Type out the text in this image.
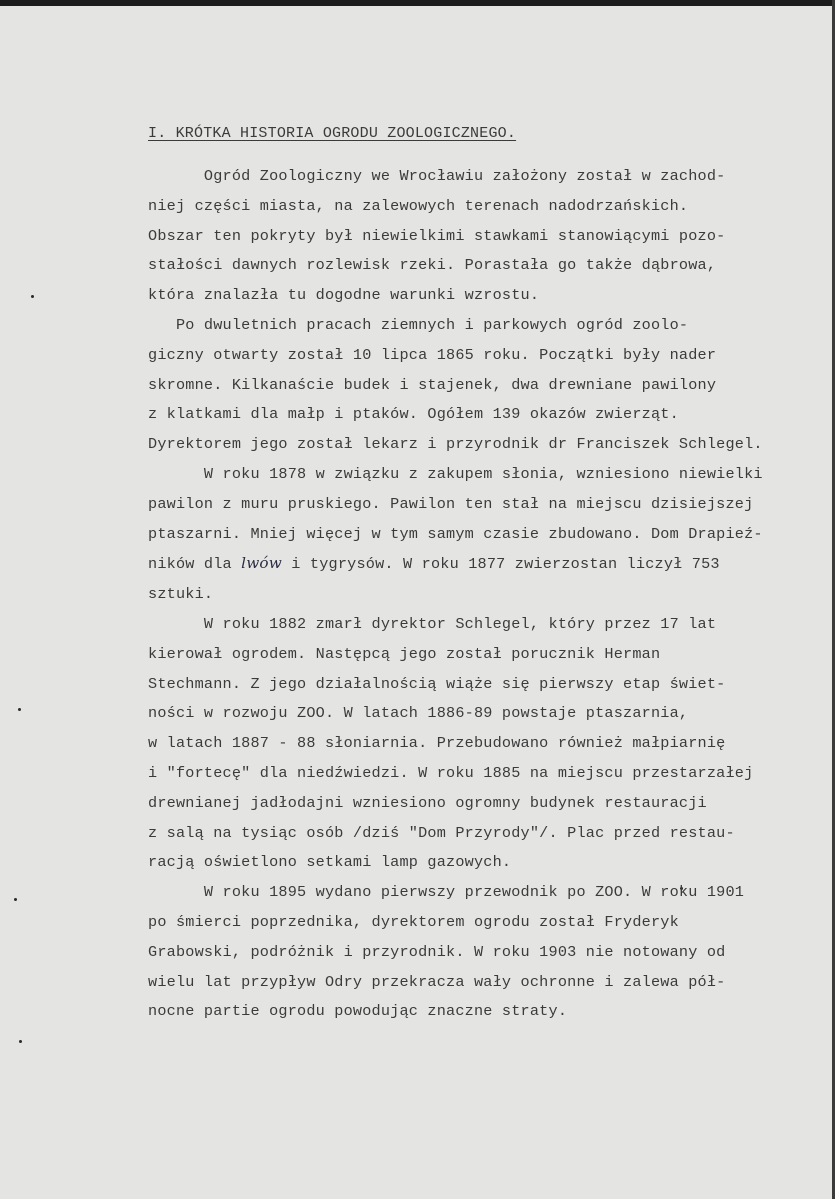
I. KRÓTKA HISTORIA OGRODU ZOOLOGICZNEGO.
Ogród Zoologiczny we Wrocławiu założony został w zachod-
niej części miasta, na zalewowych terenach nadodrzańskich.
Obszar ten pokryty był niewielkimi stawkami stanowiącymi pozo-
stałości dawnych rozlewisk rzeki. Porastała go także dąbrowa,
która znalazła tu dogodne warunki wzrostu.
Po dwuletnich pracach ziemnych i parkowych ogród zoolo-
giczny otwarty został 10 lipca 1865 roku. Początki były nader
skromne. Kilkanaście budek i stajenek, dwa drewniane pawilony
z klatkami dla małp i ptaków. Ogółem 139 okazów zwierząt.
Dyrektorem jego został lekarz i przyrodnik dr Franciszek Schlegel.
W roku 1878 w związku z zakupem słonia, wzniesiono niewielki
pawilon z muru pruskiego. Pawilon ten stał na miejscu dzisiejszej
ptaszarni. Mniej więcej w tym samym czasie zbudowano. Dom Drapieź-
ników dla lwów i tygrysów. W roku 1877 zwierzostan liczył 753
sztuki.
W roku 1882 zmarł dyrektor Schlegel, który przez 17 lat
kierował ogrodem. Następcą jego został porucznik Herman
Stechmann. Z jego działalnością wiąże się pierwszy etap świet-
ności w rozwoju ZOO. W latach 1886-89 powstaje ptaszarnia,
w latach 1887 - 88 słoniarnia. Przebudowano również małpiarnię
i "fortecę" dla niedźwiedzi. W roku 1885 na miejscu przestarzałej
drewnianej jadłodajni wzniesiono ogromny budynek restauracji
z salą na tysiąc osób /dziś "Dom Przyrody"/. Plac przed restau-
racją oświetlono setkami lamp gazowych.
W roku 1895 wydano pierwszy przewodnik po ZOO. W roku 1901
po śmierci poprzednika, dyrektorem ogrodu został Fryderyk
Grabowski, podróżnik i przyrodnik. W roku 1903 nie notowany od
wielu lat przypływ Odry przekracza wały ochronne i zalewa pół-
nocne partie ogrodu powodując znaczne straty.
